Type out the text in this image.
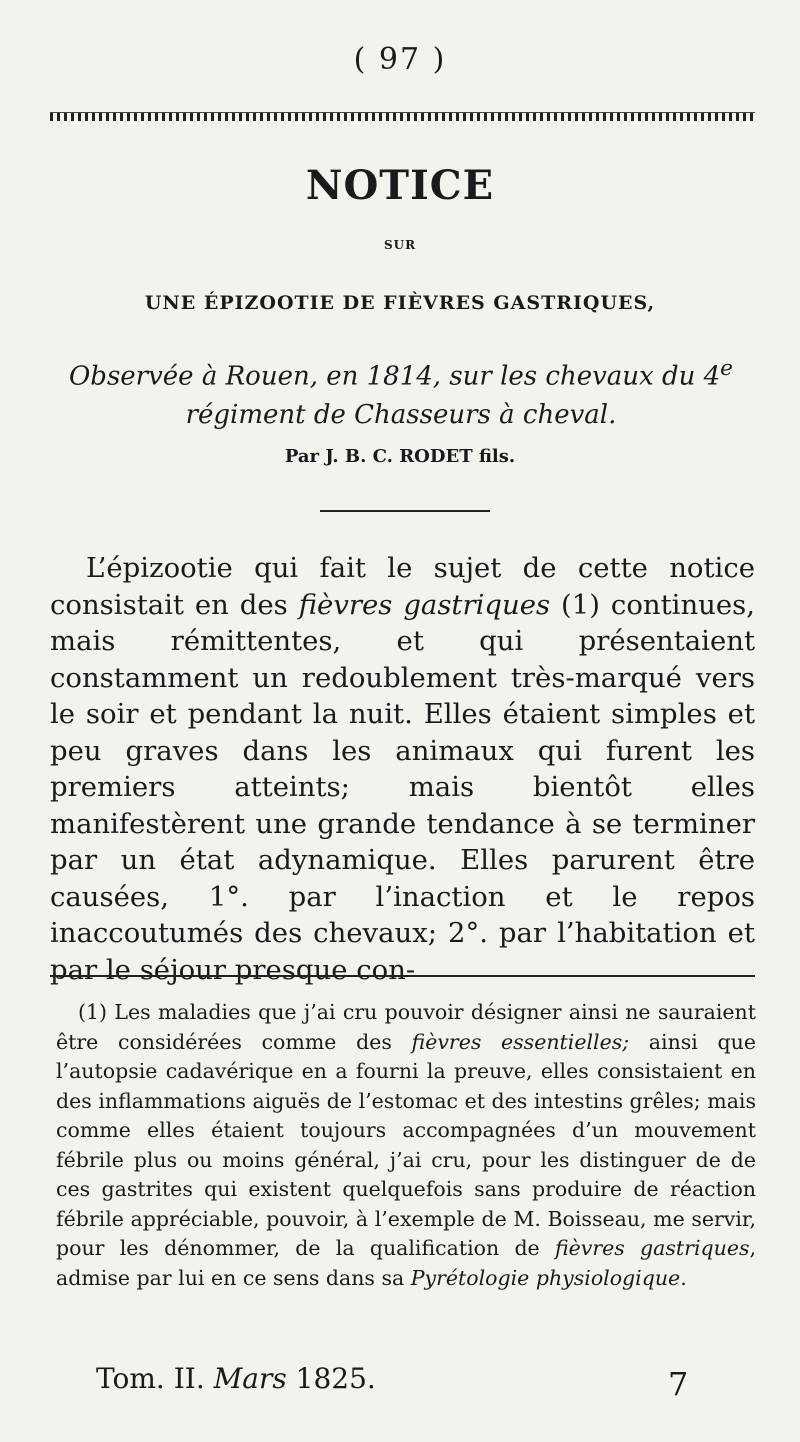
( 97 )
NOTICE
SUR
UNE ÉPIZOOTIE DE FIÈVRES GASTRIQUES,
Observée à Rouen, en 1814, sur les chevaux du 4e régiment de Chasseurs à cheval.
Par J. B. C. RODET fils.
L’épizootie qui fait le sujet de cette notice consistait en des fièvres gastriques (1) continues, mais rémittentes, et qui présentaient constamment un redoublement très-marqué vers le soir et pendant la nuit. Elles étaient simples et peu graves dans les animaux qui furent les premiers atteints; mais bientôt elles manifestèrent une grande tendance à se terminer par un état adynamique. Elles parurent être causées, 1°. par l’inaction et le repos inaccoutumés des chevaux; 2°. par l’habitation et par le séjour presque con-
(1) Les maladies que j’ai cru pouvoir désigner ainsi ne sauraient être considérées comme des fièvres essentielles; ainsi que l’autopsie cadavérique en a fourni la preuve, elles consistaient en des inflammations aiguës de l’estomac et des intestins grêles; mais comme elles étaient toujours accompagnées d’un mouvement fébrile plus ou moins général, j’ai cru, pour les distinguer de de ces gastrites qui existent quelquefois sans produire de réaction fébrile appréciable, pouvoir, à l’exemple de M. Boisseau, me servir, pour les dénommer, de la qualification de fièvres gastriques, admise par lui en ce sens dans sa Pyrétologie physiologique.
Tom. II. Mars 1825.	7
